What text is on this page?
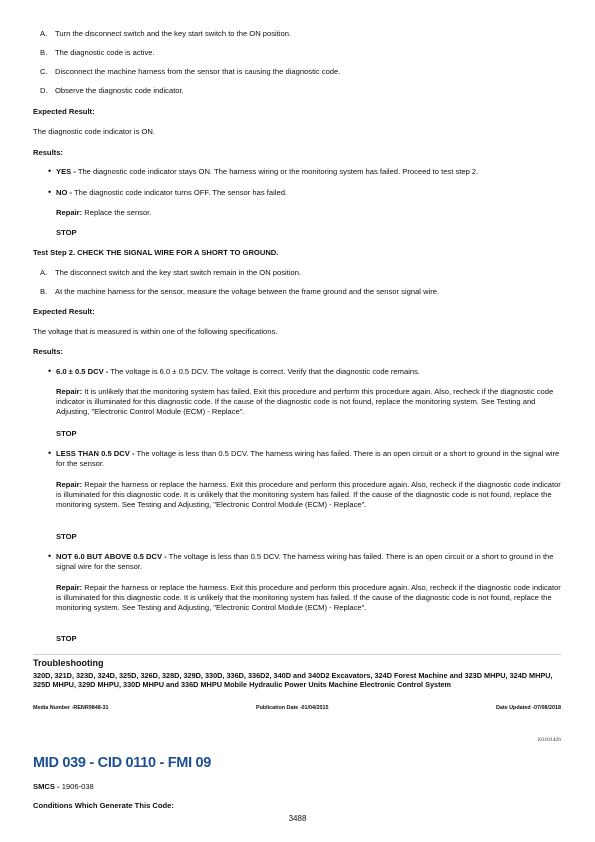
A.	Turn the disconnect switch and the key start switch to the ON position.
B.	The diagnostic code is active.
C. Disconnect the machine harness from the sensor that is causing the diagnostic code.
D. Observe the diagnostic code indicator.
Expected Result:
The diagnostic code indicator is ON.
Results:
• YES - The diagnostic code indicator stays ON. The harness wiring or the monitoring system has failed. Proceed to test step 2.
• NO - The diagnostic code indicator turns OFF. The sensor has failed.
Repair: Replace the sensor.
STOP
Test Step 2. CHECK THE SIGNAL WIRE FOR A SHORT TO GROUND.
A.	The disconnect switch and the key start switch remain in the ON position.
B.	At the machine harness for the sensor, measure the voltage between the frame ground and the sensor signal wire.
Expected Result:
The voltage that is measured is within one of the following specifications.
Results:
• 6.0 ± 0.5 DCV - The voltage is 6.0 ± 0.5 DCV. The voltage is correct. Verify that the diagnostic code remains.
Repair: It is unlikely that the monitoring system has failed. Exit this procedure and perform this procedure again. Also, recheck if the diagnostic code indicator is illuminated for this diagnostic code. If the cause of the diagnostic code is not found, replace the monitoring system. See Testing and Adjusting, "Electronic Control Module (ECM) - Replace".
STOP
• LESS THAN 0.5 DCV - The voltage is less than 0.5 DCV. The harness wiring has failed. There is an open circuit or a short to ground in the signal wire for the sensor.
Repair: Repair the harness or replace the harness. Exit this procedure and perform this procedure again. Also, recheck if the diagnostic code indicator is illuminated for this diagnostic code. It is unlikely that the monitoring system has failed. If the cause of the diagnostic code is not found, replace the monitoring system. See Testing and Adjusting, "Electronic Control Module (ECM) - Replace".
STOP
• NOT 6.0 BUT ABOVE 0.5 DCV - The voltage is less than 0.5 DCV. The harness wiring has failed. There is an open circuit or a short to ground in the signal wire for the sensor.
Repair: Repair the harness or replace the harness. Exit this procedure and perform this procedure again. Also, recheck if the diagnostic code indicator is illuminated for this diagnostic code. It is unlikely that the monitoring system has failed. If the cause of the diagnostic code is not found, replace the monitoring system. See Testing and Adjusting, "Electronic Control Module (ECM) - Replace".
STOP
Troubleshooting
320D, 321D, 323D, 324D, 325D, 326D, 328D, 329D, 330D, 336D, 336D2, 340D and 340D2 Excavators, 324D Forest Machine and 323D MHPU, 324D MHPU, 325D MHPU, 329D MHPU, 330D MHPU and 336D MHPU Mobile Hydraulic Power Units Machine Electronic Control System
Media Number -RENR9848-31	Publication Date -01/04/2015	Date Updated -07/08/2018
i03101426
MID 039 - CID 0110 - FMI 09
SMCS - 1906-038
Conditions Which Generate This Code:
3488
